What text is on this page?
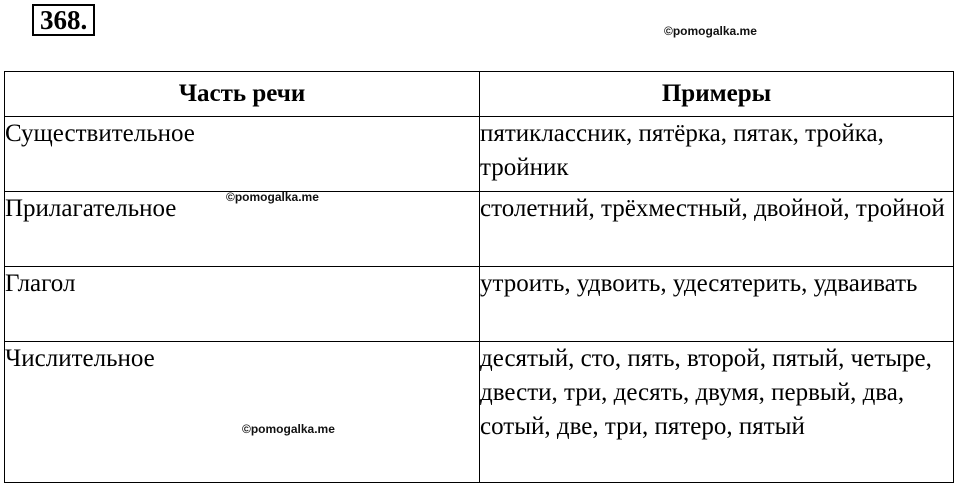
368.	©pomogalka.me
Часть речи	Примеры
Существительное	пятиклассник, пятёрка, пятак, тройка, тройник
Прилагательное	столетний, трёхместный, двойной, тройной
Глагол	утроить, удвоить, удесятерить, удваивать
Числительное	десятый, сто, пять, второй, пятый, четыре, двести, три, десять, двумя, первый, два, сотый, две, три, пятеро, пятый
©pomogalka.me
©pomogalka.me
